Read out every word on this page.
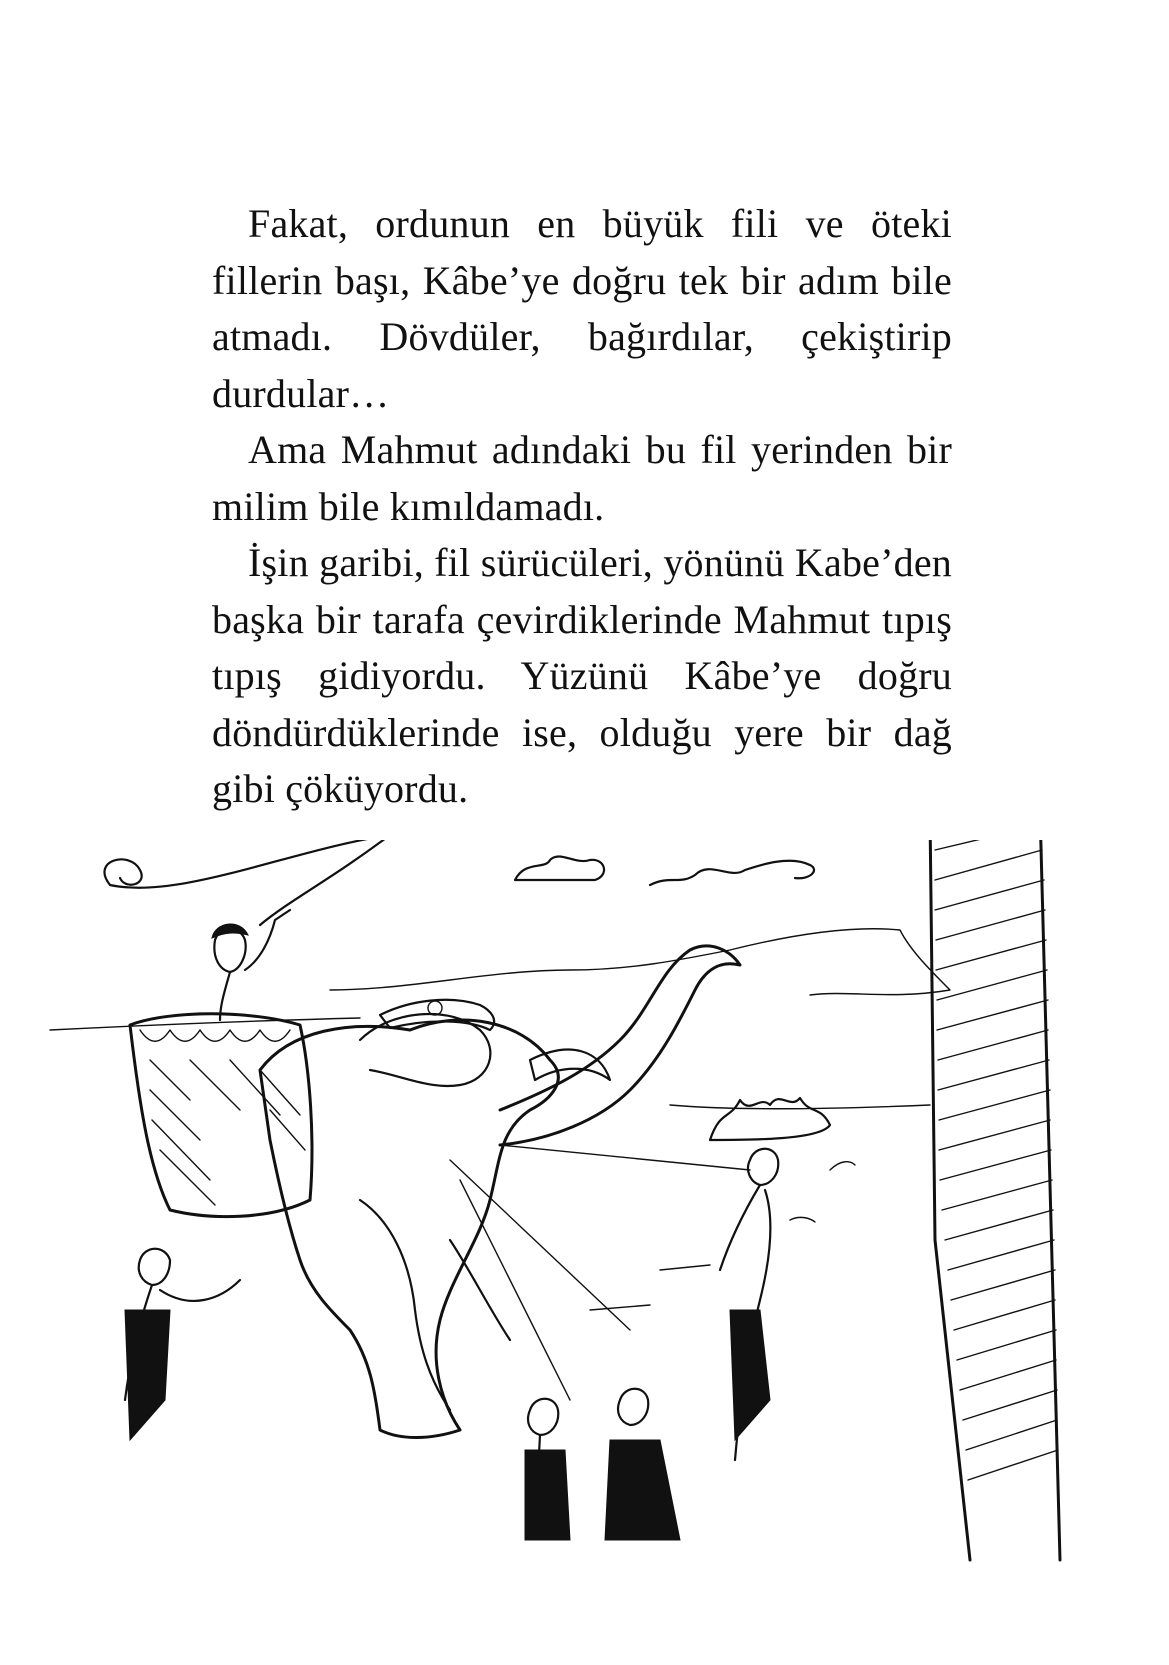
Fakat, ordunun en büyük fili ve öteki fillerin başı, Kâbe’ye doğru tek bir adım bile atmadı. Dövdüler, bağırdılar, çekiştirip durdular…

Ama Mahmut adındaki bu fil yerinden bir milim bile kımıldamadı.

İşin garibi, fil sürücüleri, yönünü Kabe’den başka bir tarafa çevirdiklerinde Mahmut tıpış tıpış gidiyordu. Yüzünü Kâbe’ye doğru döndürdüklerinde ise, olduğu yere bir dağ gibi çöküyordu.
